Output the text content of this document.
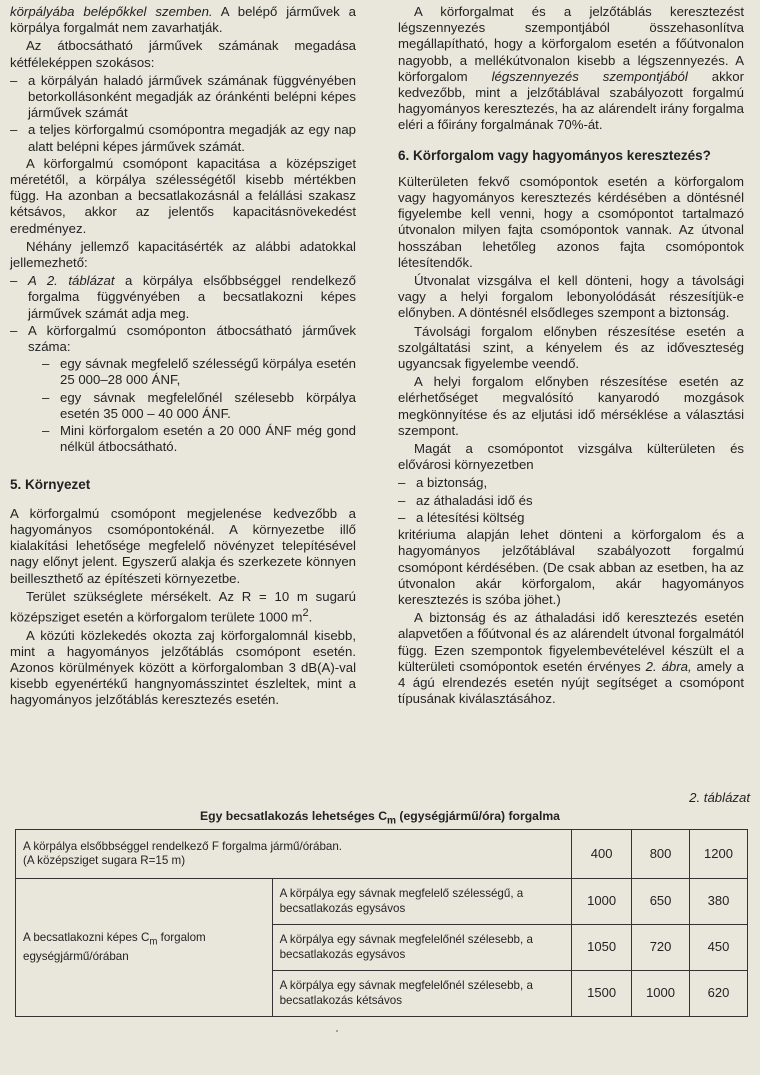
körpályába belépőkkel szemben. A belépő járművek a körpálya forgalmát nem zavarhatják.

Az átbocsátható járművek számának megadása kétféleképpen szokásos:

– a körpályán haladó járművek számának függvényében betorkollásonként megadják az óránkénti belépni képes járművek számát
– a teljes körforgalmú csomópontra megadják az egy nap alatt belépni képes járművek számát.

A körforgalmú csomópont kapacitása a középsziget méretétől, a körpálya szélességétől kisebb mértékben függ. Ha azonban a becsatlakozásnál a felállási szakasz kétsávos, akkor az jelentős kapacitásnövekedést eredményez.

Néhány jellemző kapacitásérték az alábbi adatokkal jellemezhető:

– A 2. táblázat a körpálya elsőbbséggel rendelkező forgalma függvényében a becsatlakozni képes járművek számát adja meg.
– A körforgalmú csomóponton átbocsátható járművek száma:
– egy sávnak megfelelő szélességű körpálya esetén 25 000–28 000 ÁNF,
– egy sávnak megfelelőnél szélesebb körpálya esetén 35 000 – 40 000 ÁNF.
– Mini körforgalom esetén a 20 000 ÁNF még gond nélkül átbocsátható.
5. Környezet

A körforgalmú csomópont megjelenése kedvezőbb a hagyományos csomópontokénál. A környezetbe illő kialakítási lehetősége megfelelő növényzet telepítésével nagy előnyt jelent. Egyszerű alakja és szerkezete könnyen beilleszthető az építészeti környezetbe.

Terület szükséglete mérsékelt. Az R = 10 m sugarú középsziget esetén a körforgalom területe 1000 $m^2$.

A közúti közlekedés okozta zaj körforgalomnál kisebb, mint a hagyományos jelzőtáblás csomópont esetén. Azonos körülmények között a körforgalomban 3 dB(A)-val kisebb egyenértékű hangnyomásszintet észleltek, mint a hagyományos jelzőtáblás keresztezés esetén.

A körforgalmat és a jelzőtáblás keresztezést légszennyezés szempontjából összehasonlítva megállapítható, hogy a körforgalom esetén a főútvonalon nagyobb, a mellékútvonalon kisebb a légszennyezés. A körforgalom légszennyezés szempontjából akkor kedvezőbb, mint a jelzőtáblával szabályozott forgalmú hagyományos keresztezés, ha az alárendelt irány forgalma eléri a főirány forgalmának 70%-át.

6. Körforgalom vagy hagyományos keresztezés?

Külterületen fekvő csomópontok esetén a körforgalom vagy hagyományos keresztezés kérdésében a döntésnél figyelembe kell venni, hogy a csomópontot tartalmazó útvonalon milyen fajta csomópontok vannak. Az útvonal hosszában lehetőleg azonos fajta csomópontok létesítendők.

Útvonalat vizsgálva el kell dönteni, hogy a távolsági vagy a helyi forgalom lebonyolódását részesítjük-e előnyben. A döntésnél elsődleges szempont a biztonság.

Távolsági forgalom előnyben részesítése esetén a szolgáltatási szint, a kényelem és az időveszteség ugyancsak figyelembe veendő.

A helyi forgalom előnyben részesítése esetén az elérhetőséget megvalósító kanyarodó mozgások megkönnyítése és az eljutási idő mérséklése a választási szempont.

Magát a csomópontot vizsgálva külterületen és elővárosi környezetben

– a biztonság,
– az áthaladási idő és
– a létesítési költség

kritériuma alapján lehet dönteni a körforgalom és a hagyományos jelzőtáblával szabályozott forgalmú csomópont kérdésében. (De csak abban az esetben, ha az útvonalon akár körforgalom, akár hagyományos keresztezés is szóba jöhet.)

A biztonság és az áthaladási idő keresztezés esetén alapvetően a főútvonal és az alárendelt útvonal forgalmától függ. Ezen szempontok figyelembevételével készült el a külterületi csomópontok esetén érvényes 2. ábra, amely a 4 ágú elrendezés esetén nyújt segítséget a csomópont típusának kiválasztásához.

2. táblázat
Egy becsatlakozás lehetséges $C_m$ (egységjármű/óra) forgalma
A körpálya elsőbbséggel rendelkező F forgalma jármű/órában.
(A középsziget sugara R=15 m)		400	800	1200
A becsatlakozni képes $C_m$ forgalom egységjármű/órában	A körpálya egy sávnak megfelelő szélességű, a becsatlakozás egysávos	1000	650	380
	A körpálya egy sávnak megfelelőnél szélesebb, a becsatlakozás egysávos	1050	720	450
	A körpálya egy sávnak megfelelőnél szélesebb, a becsatlakozás kétsávos	1500	1000	620
